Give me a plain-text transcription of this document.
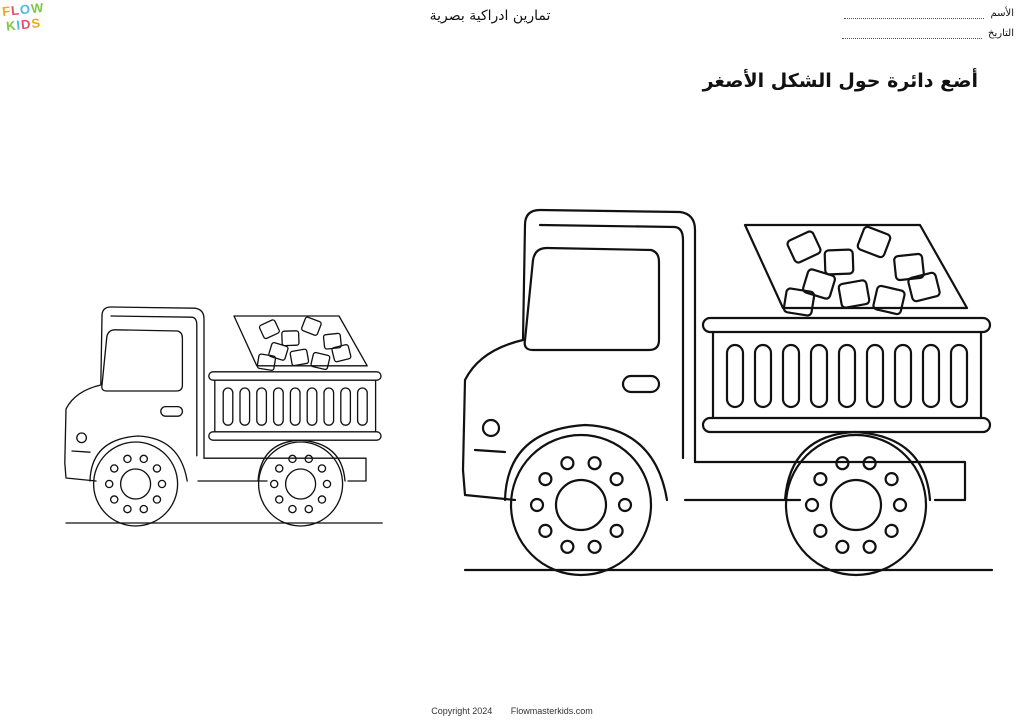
FLOW
KIDS	تمارين ادراكية بصرية	الأسم
التاريخ
أضع دائرة حول الشكل الأصغر
Copyright 2024 Flowmasterkids.com
